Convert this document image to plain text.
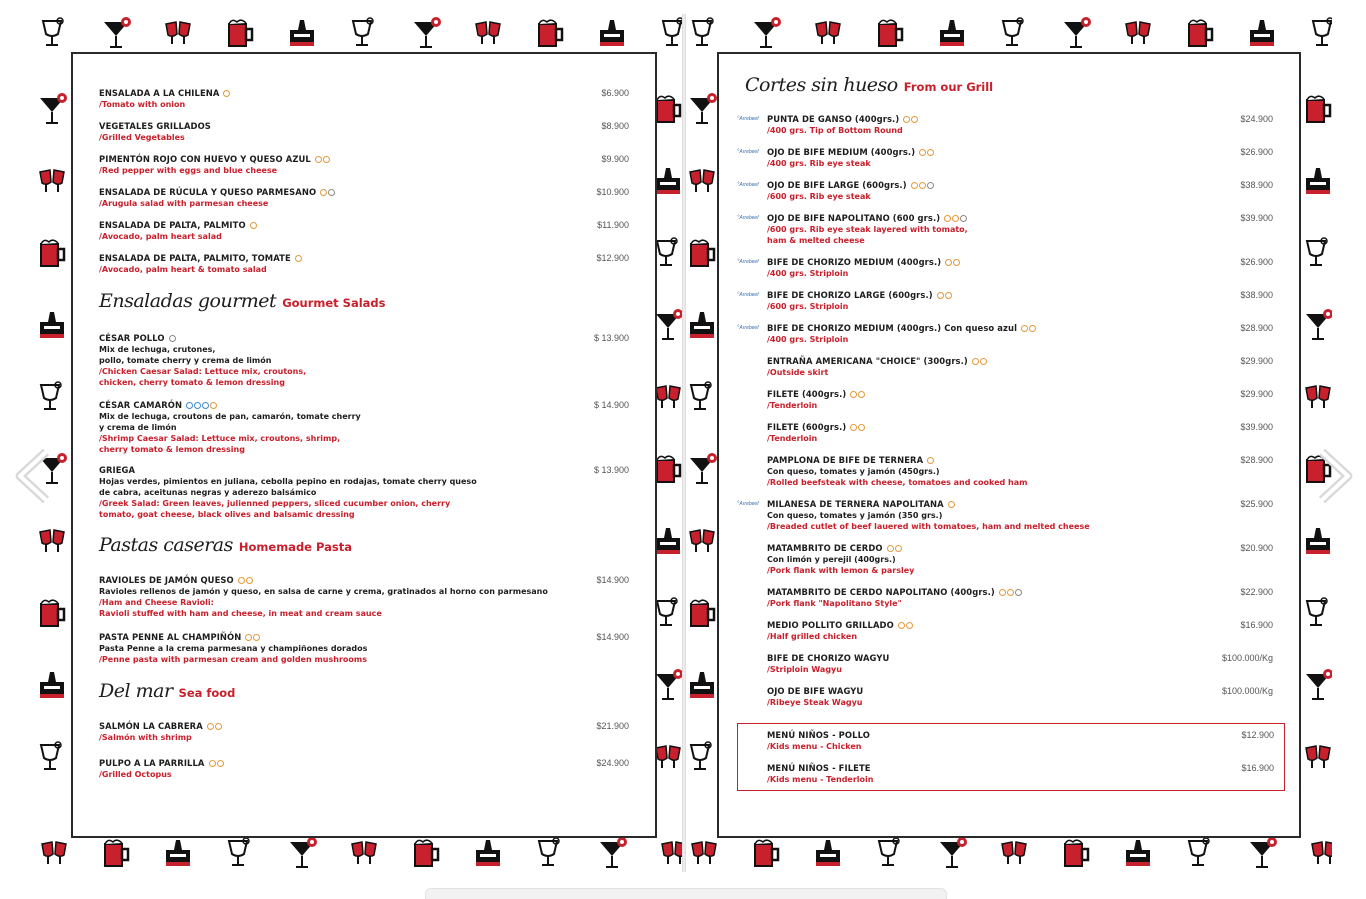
ENSALADA A LA CHILENA
/Tomato with onion
$6.900
VEGETALES GRILLADOS
/Grilled Vegetables
$8.900
PIMENTÓN ROJO CON HUEVO Y QUESO AZUL
/Red pepper with eggs and blue cheese
$9.900
ENSALADA DE RÚCULA Y QUESO PARMESANO
/Arugula salad with parmesan cheese
$10.900
ENSALADA DE PALTA, PALMITO
/Avocado, palm heart salad
$11.900
ENSALADA DE PALTA, PALMITO, TOMATE
/Avocado, palm heart & tomato salad
$12.900
Ensaladas gourmet Gourmet Salads
CÉSAR POLLO
Mix de lechuga, crutones,
pollo, tomate cherry y crema de limón
/Chicken Caesar Salad: Lettuce mix, croutons,
chicken, cherry tomato & lemon dressing
$ 13.900
CÉSAR CAMARÓN
Mix de lechuga, croutons de pan, camarón, tomate cherry
y crema de limón
/Shrimp Caesar Salad: Lettuce mix, croutons, shrimp,
cherry tomato & lemon dressing
$ 14.900
GRIEGA
Hojas verdes, pimientos en juliana, cebolla pepino en rodajas, tomate cherry queso
de cabra, aceitunas negras y aderezo balsámico
/Greek Salad: Green leaves, julienned peppers, sliced cucumber onion, cherry
tomato, goat cheese, black olives and balsamic dressing
$ 13.900
Pastas caseras Homemade Pasta
RAVIOLES DE JAMÓN QUESO
Ravioles rellenos de jamón y queso, en salsa de carne y crema, gratinados al horno con parmesano
/Ham and Cheese Ravioli:
Ravioli stuffed with ham and cheese, in meat and cream sauce
$14.900
PASTA PENNE AL CHAMPIÑÓN
Pasta Penne a la crema parmesana y champiñones dorados
/Penne pasta with parmesan cream and golden mushrooms
$14.900
Del mar Sea food
SALMÓN LA CABRERA
/Salmón with shrimp
$21.900
PULPO A LA PARRILLA
/Grilled Octopus
$24.900
Cortes sin hueso From our Grill
PUNTA DE GANSO (400grs.)
/400 grs. Tip of Bottom Round
$24.900
° Arrebeef
OJO DE BIFE MEDIUM (400grs.)
/400 grs. Rib eye steak
$26.900
° Arrebeef
OJO DE BIFE LARGE (600grs.)
/600 grs. Rib eye steak
$38.900
° Arrebeef
OJO DE BIFE NAPOLITANO (600 grs.)
/600 grs. Rib eye steak layered with tomato,
ham & melted cheese
$39.900
° Arrebeef
BIFE DE CHORIZO MEDIUM (400grs.)
/400 grs. Striploin
$26.900
° Arrebeef
BIFE DE CHORIZO LARGE (600grs.)
/600 grs. Striploin
$38.900
° Arrebeef
BIFE DE CHORIZO MEDIUM (400grs.) Con queso azul
/400 grs. Striploin
$28.900
° Arrebeef
ENTRAÑA AMERICANA "CHOICE" (300grs.)
/Outside skirt
$29.900
FILETE (400grs.)
/Tenderloin
$29.900
FILETE (600grs.)
/Tenderloin
$39.900
PAMPLONA DE BIFE DE TERNERA
Con queso, tomates y jamón (450grs.)
/Rolled beefsteak with cheese, tomatoes and cooked ham
$28.900
MILANESA DE TERNERA NAPOLITANA
Con queso, tomates y jamón (350 grs.)
/Breaded cutlet of beef lauered with tomatoes, ham and melted cheese
$25.900
° Arrebeef
MATAMBRITO DE CERDO
Con limón y perejil (400grs.)
/Pork flank with lemon & parsley
$20.900
MATAMBRITO DE CERDO NAPOLITANO (400grs.)
/Pork flank "Napolitano Style"
$22.900
MEDIO POLLITO GRILLADO
/Half grilled chicken
$16.900
BIFE DE CHORIZO WAGYU
/Striploin Wagyu
$100.000/Kg
OJO DE BIFE WAGYU
/Ribeye Steak Wagyu
$100.000/Kg
MENÚ NIÑOS - POLLO
/Kids menu - Chicken
$12.900
MENÚ NIÑOS - FILETE
/Kids menu - Tenderloin
$16.900
